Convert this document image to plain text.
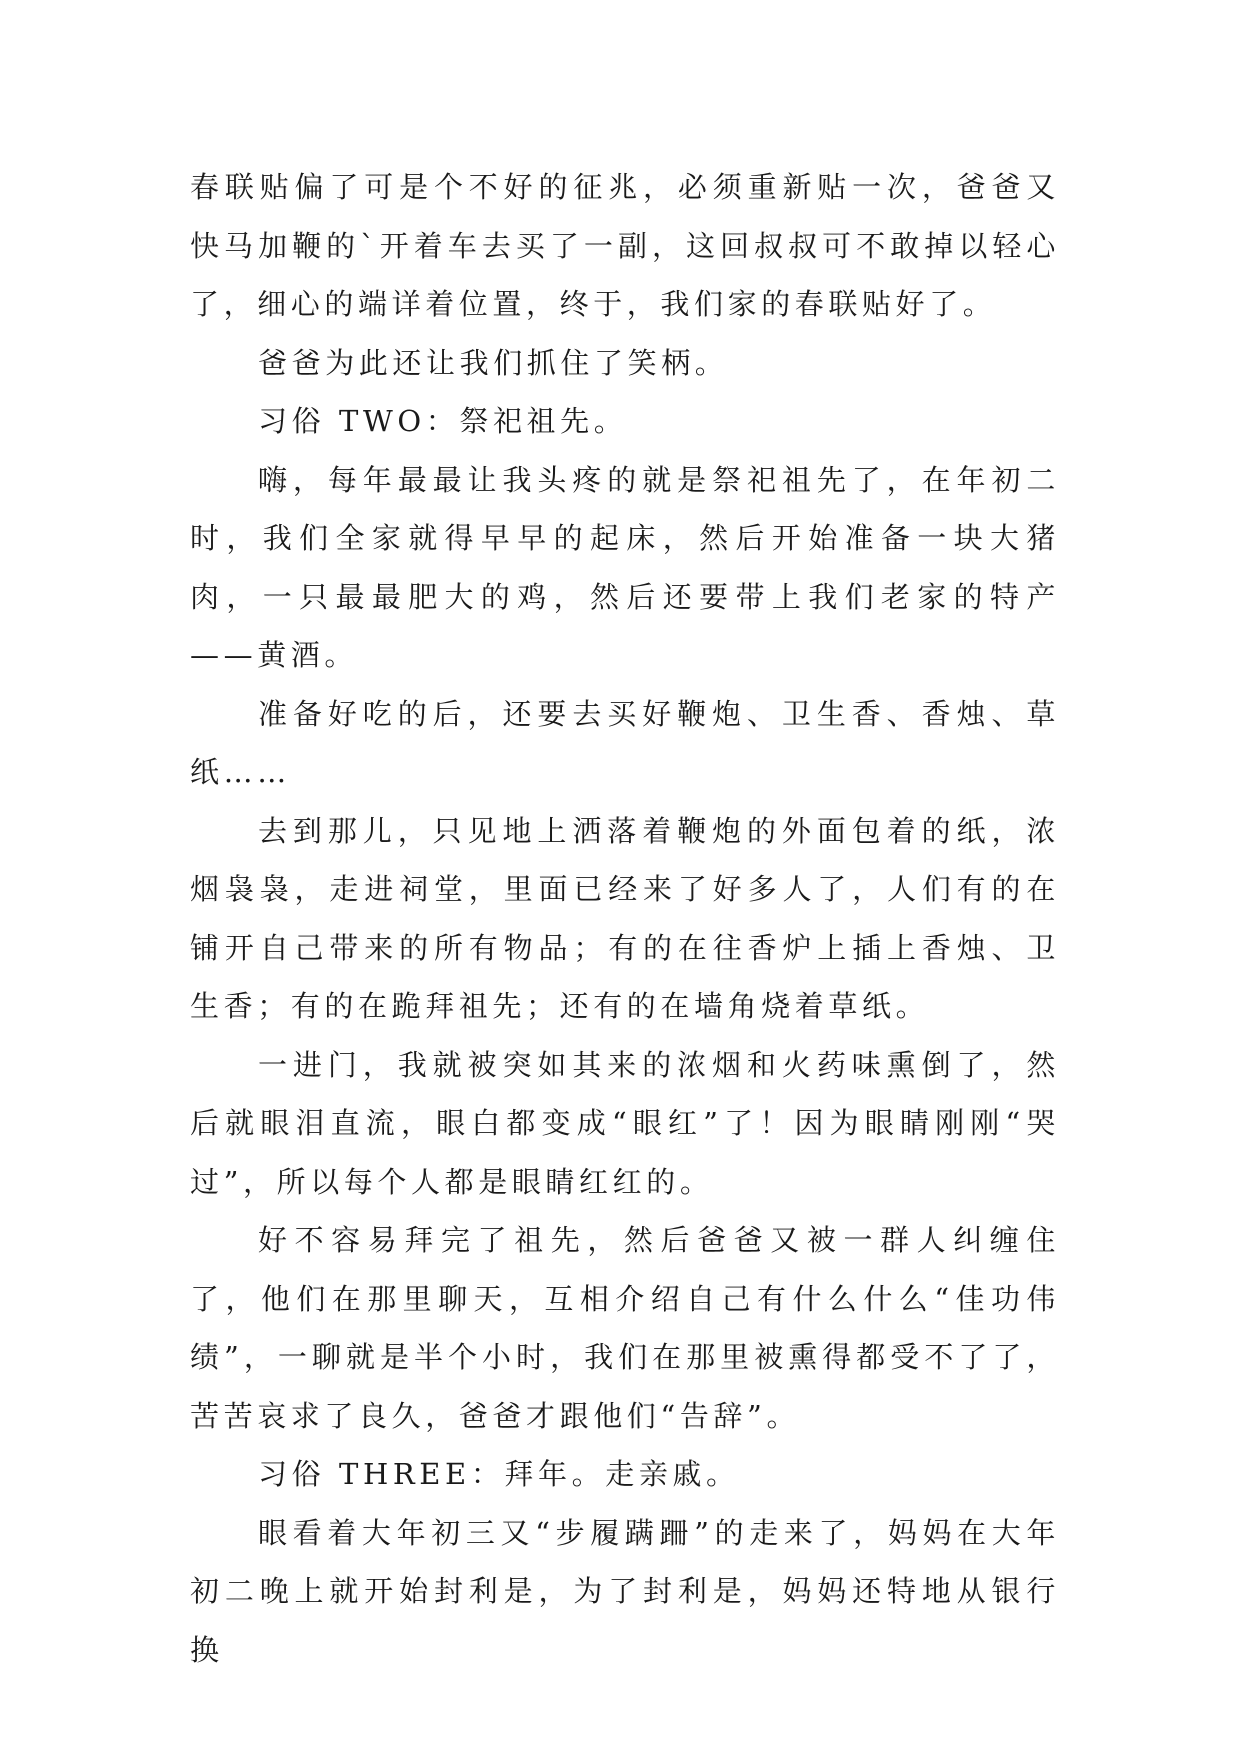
春联贴偏了可是个不好的征兆，必须重新贴一次，爸爸又快马加鞭的`开着车去买了一副，这回叔叔可不敢掉以轻心了，细心的端详着位置，终于，我们家的春联贴好了。

爸爸为此还让我们抓住了笑柄。

习俗 TWO：祭祀祖先。

嗨，每年最最让我头疼的就是祭祀祖先了，在年初二时，我们全家就得早早的起床，然后开始准备一块大猪肉，一只最最肥大的鸡，然后还要带上我们老家的特产——黄酒。

准备好吃的后，还要去买好鞭炮、卫生香、香烛、草纸……

去到那儿，只见地上洒落着鞭炮的外面包着的纸，浓烟袅袅，走进祠堂，里面已经来了好多人了，人们有的在铺开自己带来的所有物品；有的在往香炉上插上香烛、卫生香；有的在跪拜祖先；还有的在墙角烧着草纸。

一进门，我就被突如其来的浓烟和火药味熏倒了，然后就眼泪直流，眼白都变成“眼红”了！因为眼睛刚刚“哭过”，所以每个人都是眼睛红红的。

好不容易拜完了祖先，然后爸爸又被一群人纠缠住了，他们在那里聊天，互相介绍自己有什么什么“佳功伟绩”，一聊就是半个小时，我们在那里被熏得都受不了了，苦苦哀求了良久，爸爸才跟他们“告辞”。

习俗 THREE：拜年。走亲戚。

眼看着大年初三又“步履蹒跚”的走来了，妈妈在大年初二晚上就开始封利是，为了封利是，妈妈还特地从银行换
